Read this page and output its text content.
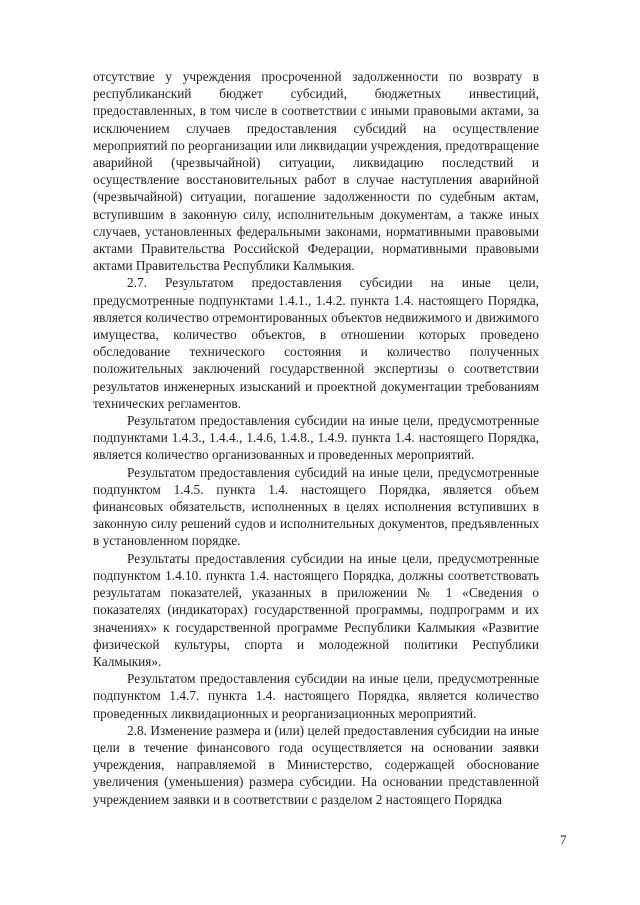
отсутствие у учреждения просроченной задолженности по возврату в республиканский бюджет субсидий, бюджетных инвестиций, предоставленных, в том числе в соответствии с иными правовыми актами, за исключением случаев предоставления субсидий на осуществление мероприятий по реорганизации или ликвидации учреждения, предотвращение аварийной (чрезвычайной) ситуации, ликвидацию последствий и осуществление восстановительных работ в случае наступления аварийной (чрезвычайной) ситуации, погашение задолженности по судебным актам, вступившим в законную силу, исполнительным документам, а также иных случаев, установленных федеральными законами, нормативными правовыми актами Правительства Российской Федерации, нормативными правовыми актами Правительства Республики Калмыкия.

2.7. Результатом предоставления субсидии на иные цели, предусмотренные подпунктами 1.4.1., 1.4.2. пункта 1.4. настоящего Порядка, является количество отремонтированных объектов недвижимого и движимого имущества, количество объектов, в отношении которых проведено обследование технического состояния и количество полученных положительных заключений государственной экспертизы о соответствии результатов инженерных изысканий и проектной документации требованиям технических регламентов.

Результатом предоставления субсидии на иные цели, предусмотренные подпунктами 1.4.3., 1.4.4., 1.4.6, 1.4.8., 1.4.9. пункта 1.4. настоящего Порядка, является количество организованных и проведенных мероприятий.

Результатом предоставления субсидий на иные цели, предусмотренные подпунктом 1.4.5. пункта 1.4. настоящего Порядка, является объем финансовых обязательств, исполненных в целях исполнения вступивших в законную силу решений судов и исполнительных документов, предъявленных в установленном порядке.

Результаты предоставления субсидии на иные цели, предусмотренные подпунктом 1.4.10. пункта 1.4. настоящего Порядка, должны соответствовать результатам показателей, указанных в приложении № 1 «Сведения о показателях (индикаторах) государственной программы, подпрограмм и их значениях» к государственной программе Республики Калмыкия «Развитие физической культуры, спорта и молодежной политики Республики Калмыкия».

Результатом предоставления субсидии на иные цели, предусмотренные подпунктом 1.4.7. пункта 1.4. настоящего Порядка, является количество проведенных ликвидационных и реорганизационных мероприятий.

2.8. Изменение размера и (или) целей предоставления субсидии на иные цели в течение финансового года осуществляется на основании заявки учреждения, направляемой в Министерство, содержащей обоснование увеличения (уменьшения) размера субсидии. На основании представленной учреждением заявки и в соответствии с разделом 2 настоящего Порядка

7
